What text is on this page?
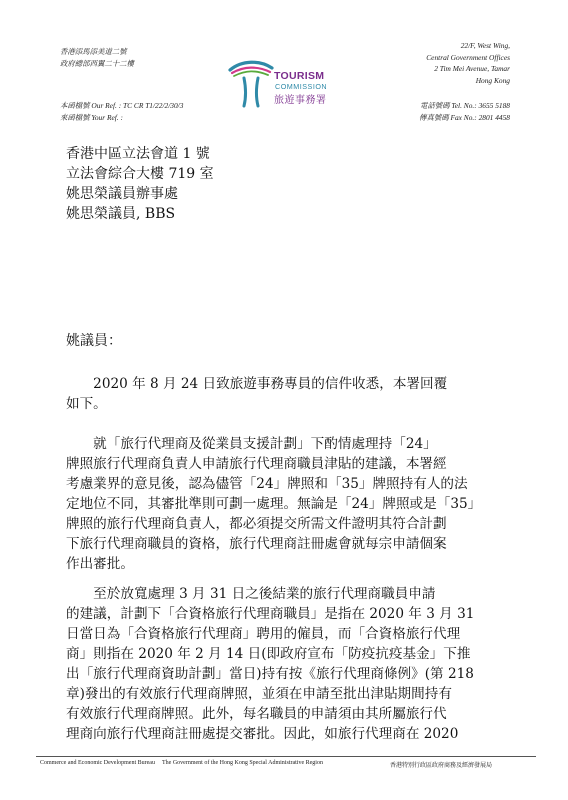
香港添馬添美道二號
政府總部西翼二十二樓
TOURISM
COMMISSION
旅遊事務署
22/F, West Wing,
Central Government Offices
2 Tim Mei Avenue, Tamar
Hong Kong
本函檔號 Our Ref. : TC CR T1/22/2/30/3
來函檔號 Your Ref. :
電話號碼 Tel. No.: 3655 5188
傳真號碼 Fax No.: 2801 4458
香港中區立法會道 1 號
立法會綜合大樓 719 室
姚思榮議員辦事處
姚思榮議員, BBS
姚議員：
　　2020 年 8 月 24 日致旅遊事務專員的信件收悉，本署回覆
如下。
　　就「旅行代理商及從業員支援計劃」下酌情處理持「24」
牌照旅行代理商負責人申請旅行代理商職員津貼的建議，本署經
考慮業界的意見後，認為儘管「24」牌照和「35」牌照持有人的法
定地位不同，其審批準則可劃一處理。無論是「24」牌照或是「35」
牌照的旅行代理商負責人，都必須提交所需文件證明其符合計劃
下旅行代理商職員的資格，旅行代理商註冊處會就每宗申請個案
作出審批。
　　至於放寬處理 3 月 31 日之後結業的旅行代理商職員申請
的建議，計劃下「合資格旅行代理商職員」是指在 2020 年 3 月 31
日當日為「合資格旅行代理商」聘用的僱員，而「合資格旅行代理
商」則指在 2020 年 2 月 14 日(即政府宣布「防疫抗疫基金」下推
出「旅行代理商資助計劃」當日)持有按《旅行代理商條例》(第 218
章)發出的有效旅行代理商牌照，並須在申請至批出津貼期間持有
有效旅行代理商牌照。此外，每名職員的申請須由其所屬旅行代
理商向旅行代理商註冊處提交審批。因此，如旅行代理商在 2020
Commerce and Economic Development Bureau The Government of the Hong Kong Special Administrative Region	香港特別行政區政府商務及經濟發展局
